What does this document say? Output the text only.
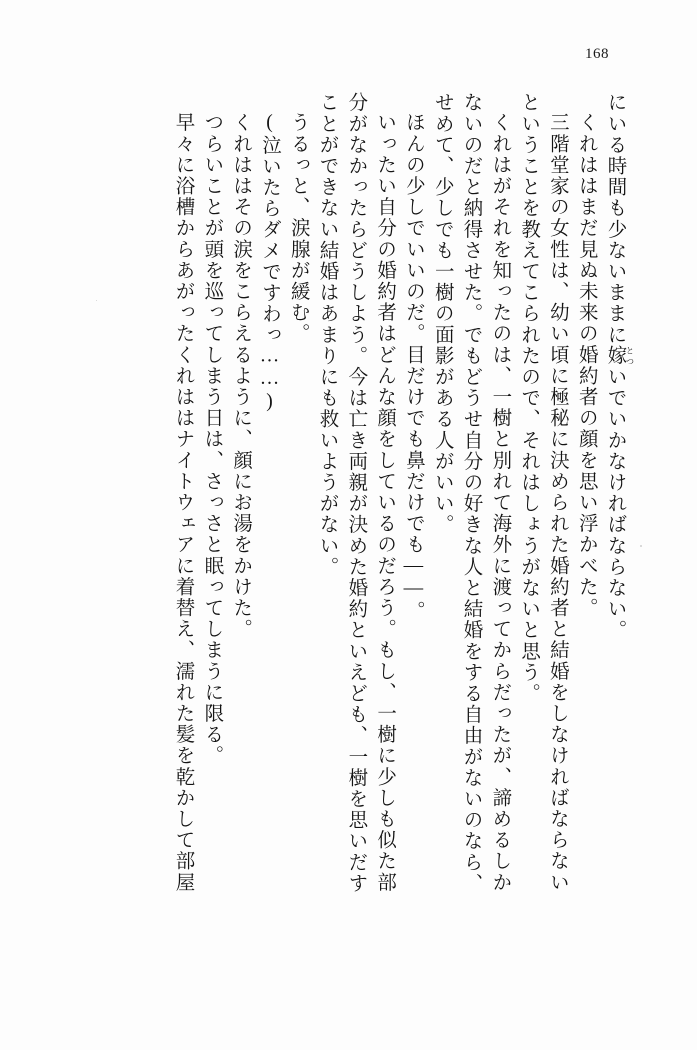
168
にいる時間も少ないままに嫁 とついでいかなければならない。
くれははまだ見ぬ未来の婚約者の顔を思い浮かべた。
三階堂家の女性は、幼い頃に極秘に決められた婚約者と結婚をしなければならない
ということを教えてこられたので、それはしょうがないと思う。
くれはがそれを知ったのは、一樹と別れて海外に渡ってからだったが、諦めるしか
ないのだと納得させた。でもどうせ自分の好きな人と結婚をする自由がないのなら、
せめて、少しでも一樹の面影がある人がいい。
ほんの少しでいいのだ。目だけでも鼻だけでも――。
いったい自分の婚約者はどんな顔をしているのだろう。もし、一樹に少しも似た部
分がなかったらどうしよう。今は亡き両親が決めた婚約といえども、一樹を思いだす
ことができない結婚はあまりにも救いようがない。
うるっと、涙腺が緩む。
(泣いたらダメですわっ……)
くれははその涙をこらえるように、顔にお湯をかけた。
つらいことが頭を巡ってしまう日は、さっさと眠ってしまうに限る。
早々に浴槽からあがったくれははナイトウェアに着替え、濡れた髪を乾かして部屋
